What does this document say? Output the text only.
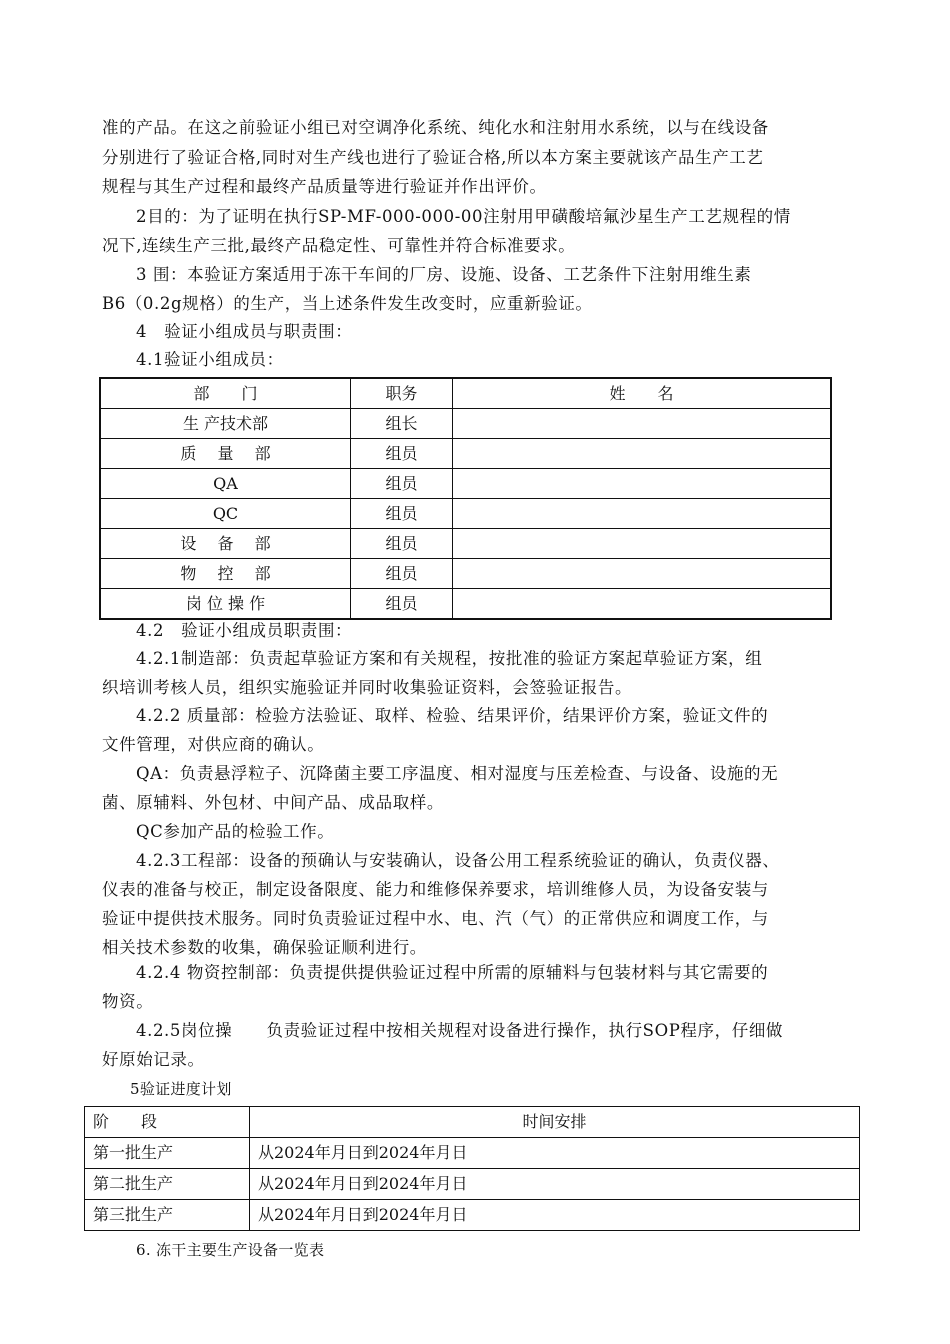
准的产品。在这之前验证小组已对空调净化系统、纯化水和注射用水系统，以与在线设备
分别进行了验证合格,同时对生产线也进行了验证合格,所以本方案主要就该产品生产工艺
规程与其生产过程和最终产品质量等进行验证并作出评价。
2目的：为了证明在执行SP-MF-000-000-00注射用甲磺酸培氟沙星生产工艺规程的情
况下,连续生产三批,最终产品稳定性、可靠性并符合标准要求。
3 围：本验证方案适用于冻干车间的厂房、设施、设备、工艺条件下注射用维生素
B6（0.2g规格）的生产，当上述条件发生改变时，应重新验证。
4　验证小组成员与职责围：
4.1验证小组成员：
部　　门	职务	姓　　名
生 产技术部	组长	
质　 量　 部	组员	
QA	组员	
QC	组员	
设　 备　 部	组员	
物　 控　 部	组员	
岗 位 操 作	组员	
4.2　验证小组成员职责围：
4.2.1制造部：负责起草验证方案和有关规程，按批准的验证方案起草验证方案，组
织培训考核人员，组织实施验证并同时收集验证资料，会签验证报告。
4.2.2 质量部：检验方法验证、取样、检验、结果评价，结果评价方案，验证文件的
文件管理，对供应商的确认。
QA：负责悬浮粒子、沉降菌主要工序温度、相对湿度与压差检查、与设备、设施的无
菌、原辅料、外包材、中间产品、成品取样。
QC参加产品的检验工作。
4.2.3工程部：设备的预确认与安装确认，设备公用工程系统验证的确认，负责仪器、
仪表的准备与校正，制定设备限度、能力和维修保养要求，培训维修人员，为设备安装与
验证中提供技术服务。同时负责验证过程中水、电、汽（气）的正常供应和调度工作，与
相关技术参数的收集，确保验证顺利进行。
4.2.4 物资控制部：负责提供提供验证过程中所需的原辅料与包装材料与其它需要的
物资。
4.2.5岗位操　　负责验证过程中按相关规程对设备进行操作，执行SOP程序，仔细做
好原始记录。
5验证进度计划
阶　　段	时间安排
第一批生产	从2024年月日到2024年月日
第二批生产	从2024年月日到2024年月日
第三批生产	从2024年月日到2024年月日
6. 冻干主要生产设备一览表
